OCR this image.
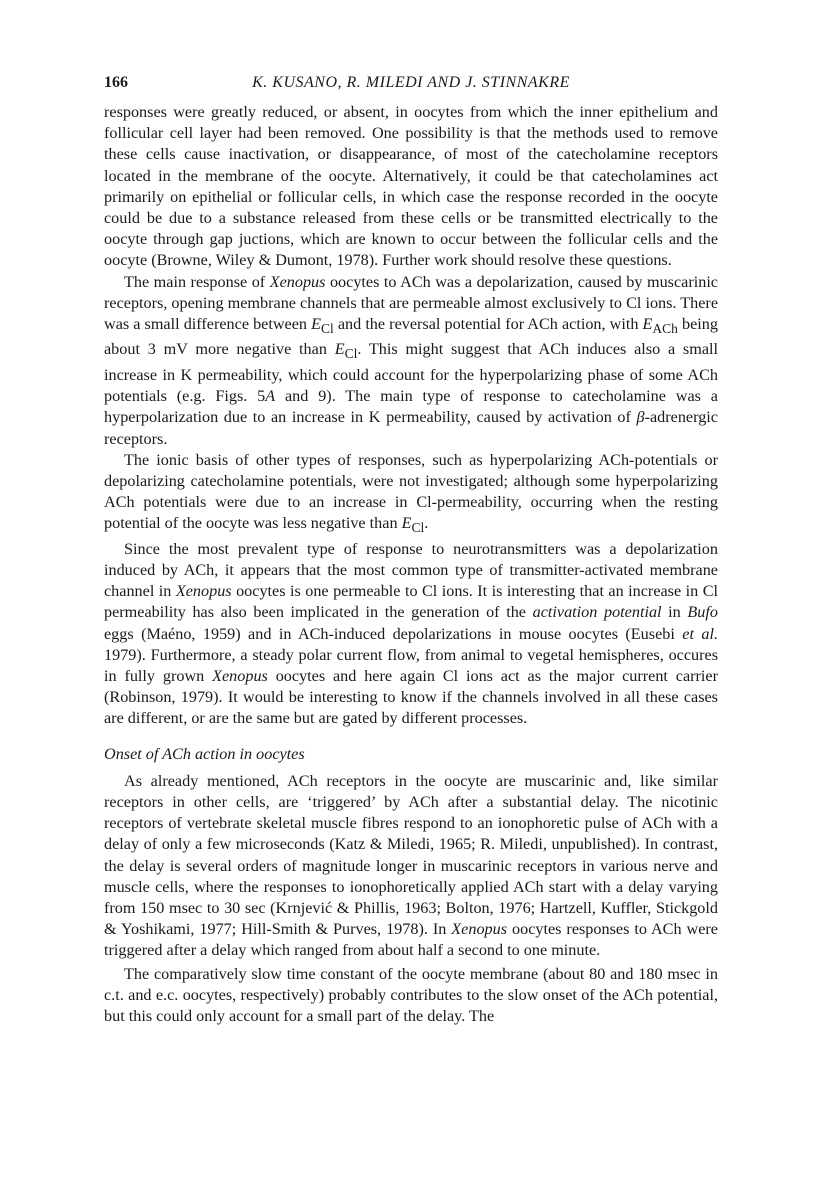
166	K. KUSANO, R. MILEDI AND J. STINNAKRE

responses were greatly reduced, or absent, in oocytes from which the inner epithelium and follicular cell layer had been removed. One possibility is that the methods used to remove these cells cause inactivation, or disappearance, of most of the catecholamine receptors located in the membrane of the oocyte. Alternatively, it could be that catecholamines act primarily on epithelial or follicular cells, in which case the response recorded in the oocyte could be due to a substance released from these cells or be transmitted electrically to the oocyte through gap juctions, which are known to occur between the follicular cells and the oocyte (Browne, Wiley & Dumont, 1978). Further work should resolve these questions.

The main response of Xenopus oocytes to ACh was a depolarization, caused by muscarinic receptors, opening membrane channels that are permeable almost exclusively to Cl ions. There was a small difference between $E_{Cl}$ and the reversal potential for ACh action, with $E_{ACh}$ being about 3 mV more negative than $E_{Cl}$. This might suggest that ACh induces also a small increase in K permeability, which could account for the hyperpolarizing phase of some ACh potentials (e.g. Figs. 5A and 9). The main type of response to catecholamine was a hyperpolarization due to an increase in K permeability, caused by activation of β-adrenergic receptors.

The ionic basis of other types of responses, such as hyperpolarizing ACh-potentials or depolarizing catecholamine potentials, were not investigated; although some hyperpolarizing ACh potentials were due to an increase in Cl-permeability, occurring when the resting potential of the oocyte was less negative than $E_{Cl}$.

Since the most prevalent type of response to neurotransmitters was a depolarization induced by ACh, it appears that the most common type of transmitter-activated membrane channel in Xenopus oocytes is one permeable to Cl ions. It is interesting that an increase in Cl permeability has also been implicated in the generation of the activation potential in Bufo eggs (Maéno, 1959) and in ACh-induced depolarizations in mouse oocytes (Eusebi et al. 1979). Furthermore, a steady polar current flow, from animal to vegetal hemispheres, occures in fully grown Xenopus oocytes and here again Cl ions act as the major current carrier (Robinson, 1979). It would be interesting to know if the channels involved in all these cases are different, or are the same but are gated by different processes.

Onset of ACh action in oocytes

As already mentioned, ACh receptors in the oocyte are muscarinic and, like similar receptors in other cells, are ‘triggered’ by ACh after a substantial delay. The nicotinic receptors of vertebrate skeletal muscle fibres respond to an ionophoretic pulse of ACh with a delay of only a few microseconds (Katz & Miledi, 1965; R. Miledi, unpublished). In contrast, the delay is several orders of magnitude longer in muscarinic receptors in various nerve and muscle cells, where the responses to ionophoretically applied ACh start with a delay varying from 150 msec to 30 sec (Krnjević & Phillis, 1963; Bolton, 1976; Hartzell, Kuffler, Stickgold & Yoshikami, 1977; Hill-Smith & Purves, 1978). In Xenopus oocytes responses to ACh were triggered after a delay which ranged from about half a second to one minute.

The comparatively slow time constant of the oocyte membrane (about 80 and 180 msec in c.t. and e.c. oocytes, respectively) probably contributes to the slow onset of the ACh potential, but this could only account for a small part of the delay. The
